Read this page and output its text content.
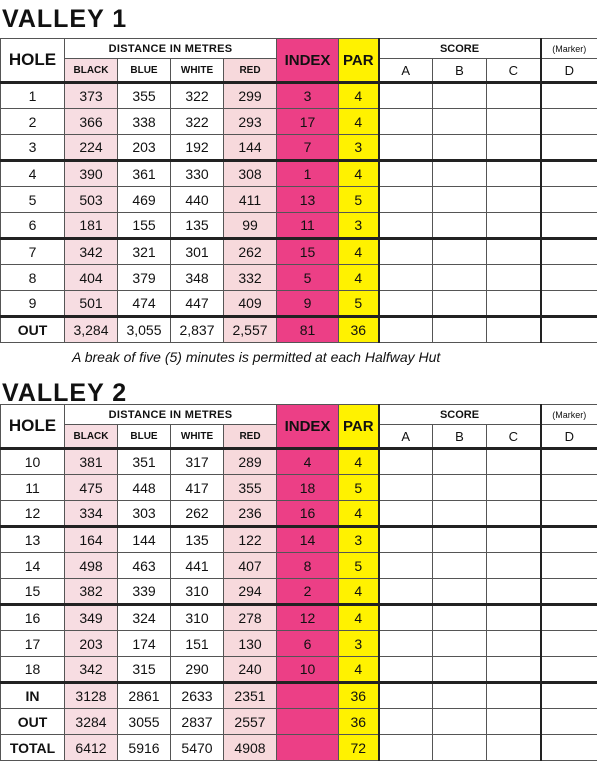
VALLEY 1
HOLE	DISTANCE IN METRES				INDEX	PAR	SCORE			(Marker)
	BLACK	BLUE	WHITE	RED			A	B	C	D
1	373	355	322	299	3	4				
2	366	338	322	293	17	4				
3	224	203	192	144	7	3				
4	390	361	330	308	1	4				
5	503	469	440	411	13	5				
6	181	155	135	99	11	3				
7	342	321	301	262	15	4				
8	404	379	348	332	5	4				
9	501	474	447	409	9	5				
OUT	3,284	3,055	2,837	2,557	81	36				
A break of five (5) minutes is permitted at each Halfway Hut
VALLEY 2
HOLE	DISTANCE IN METRES				INDEX	PAR	SCORE			(Marker)
	BLACK	BLUE	WHITE	RED			A	B	C	D
10	381	351	317	289	4	4				
11	475	448	417	355	18	5				
12	334	303	262	236	16	4				
13	164	144	135	122	14	3				
14	498	463	441	407	8	5				
15	382	339	310	294	2	4				
16	349	324	310	278	12	4				
17	203	174	151	130	6	3				
18	342	315	290	240	10	4				
IN	3128	2861	2633	2351		36				
OUT	3284	3055	2837	2557		36				
TOTAL	6412	5916	5470	4908		72				
